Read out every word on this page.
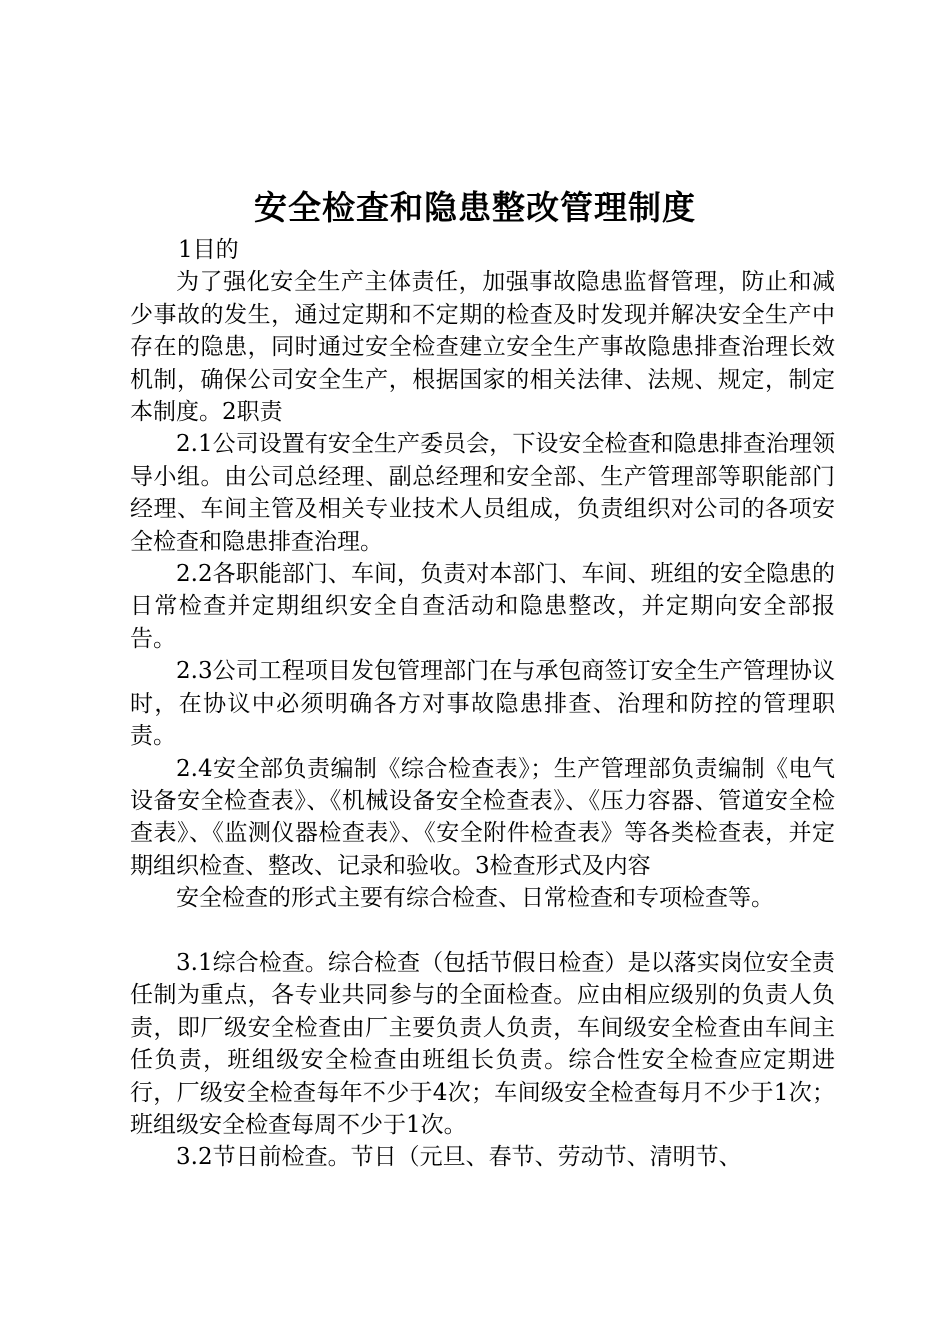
安全检查和隐患整改管理制度

1目的

为了强化安全生产主体责任，加强事故隐患监督管理，防止和减少事故的发生，通过定期和不定期的检查及时发现并解决安全生产中存在的隐患，同时通过安全检查建立安全生产事故隐患排查治理长效机制，确保公司安全生产，根据国家的相关法律、法规、规定，制定本制度。2职责

2.1公司设置有安全生产委员会，下设安全检查和隐患排查治理领导小组。由公司总经理、副总经理和安全部、生产管理部等职能部门经理、车间主管及相关专业技术人员组成，负责组织对公司的各项安全检查和隐患排查治理。

2.2各职能部门、车间，负责对本部门、车间、班组的安全隐患的日常检查并定期组织安全自查活动和隐患整改，并定期向安全部报告。

2.3公司工程项目发包管理部门在与承包商签订安全生产管理协议时，在协议中必须明确各方对事故隐患排查、治理和防控的管理职责。

2.4安全部负责编制《综合检查表》；生产管理部负责编制《电气设备安全检查表》、《机械设备安全检查表》、《压力容器、管道安全检查表》、《监测仪器检查表》、《安全附件检查表》等各类检查表，并定期组织检查、整改、记录和验收。3检查形式及内容

安全检查的形式主要有综合检查、日常检查和专项检查等。

3.1综合检查。综合检查（包括节假日检查）是以落实岗位安全责任制为重点，各专业共同参与的全面检查。应由相应级别的负责人负责，即厂级安全检查由厂主要负责人负责，车间级安全检查由车间主任负责，班组级安全检查由班组长负责。综合性安全检查应定期进行，厂级安全检查每年不少于4次；车间级安全检查每月不少于1次；班组级安全检查每周不少于1次。

3.2节日前检查。节日（元旦、春节、劳动节、清明节、
